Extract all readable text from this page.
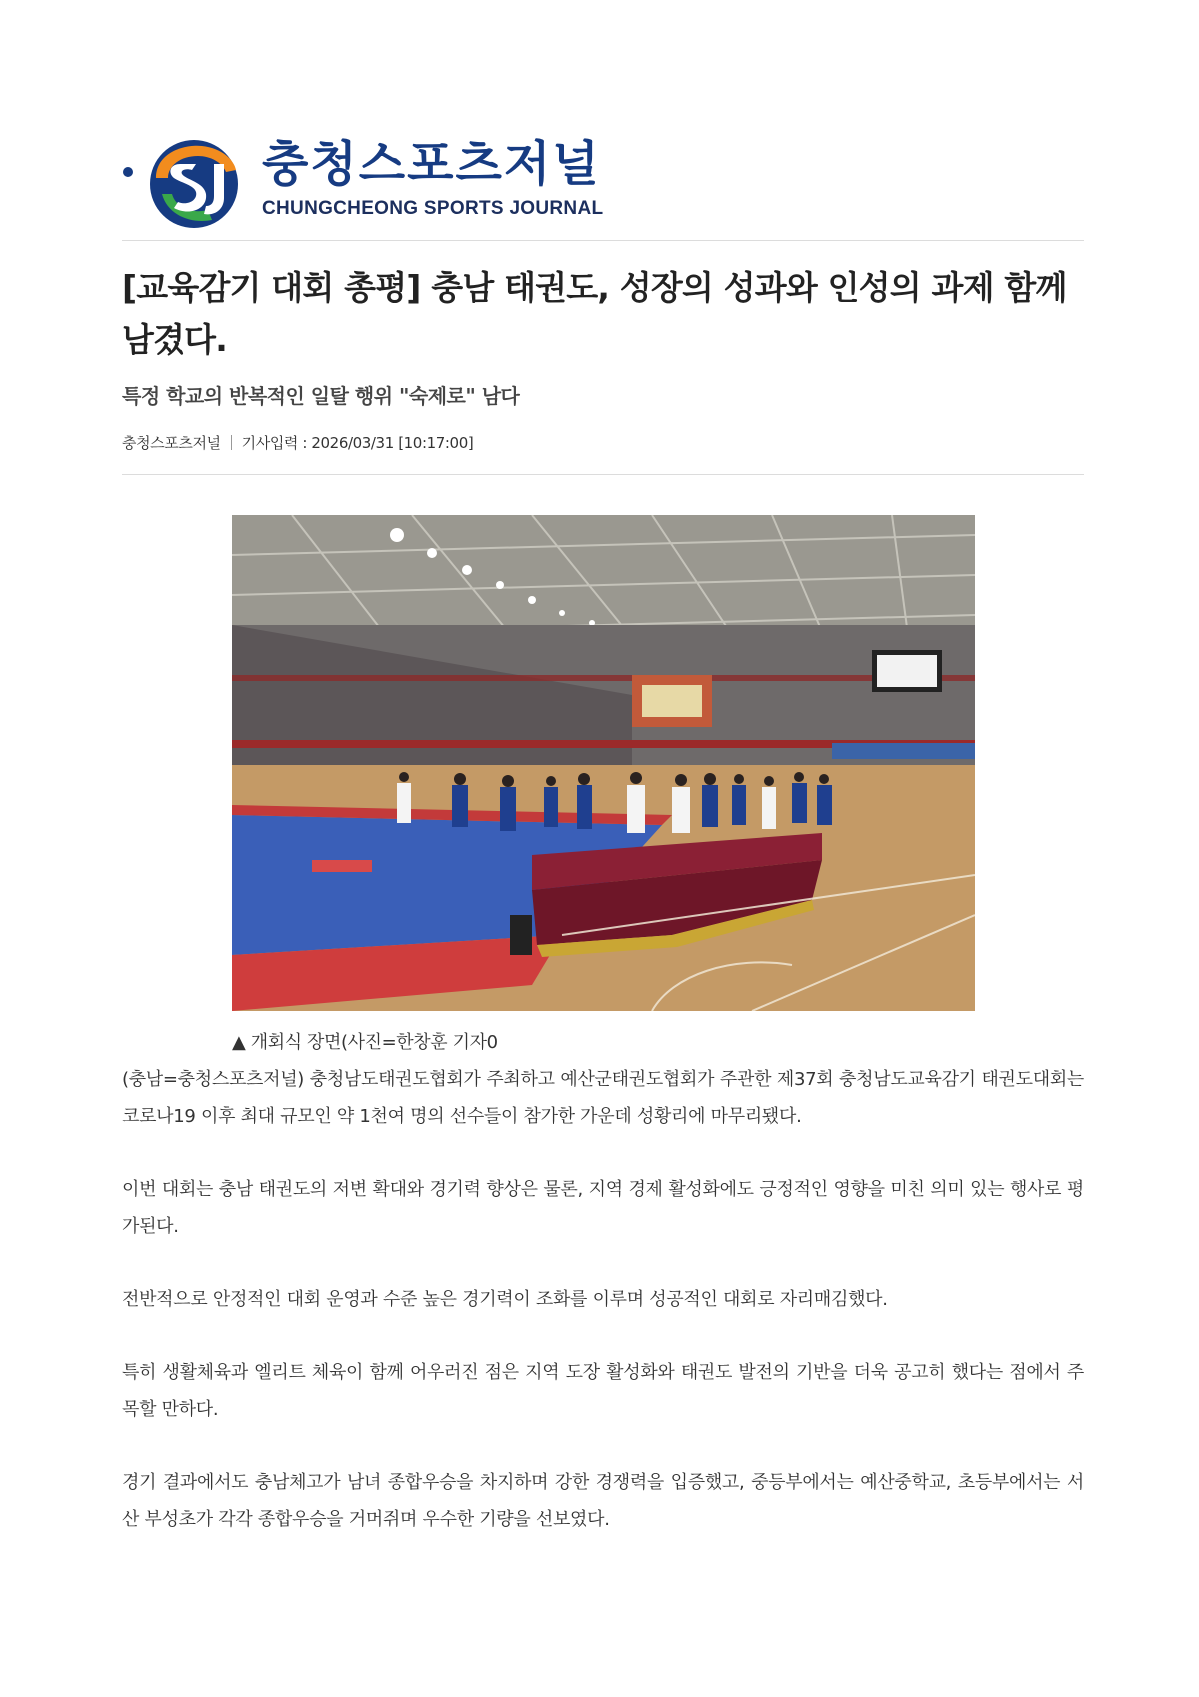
충청스포츠저널
CHUNGCHEONG SPORTS JOURNAL
[교육감기 대회 총평] 충남 태권도, 성장의 성과와 인성의 과제 함께 남겼다.
특정 학교의 반복적인 일탈 행위 "숙제로" 남다
충청스포츠저널 기사입력 : 2026/03/31 [10:17:00]
▲ 개회식 장면(사진=한창훈 기자0

(충남=충청스포츠저널) 충청남도태권도협회가 주최하고 예산군태권도협회가 주관한 제37회 충청남도교육감기 태권도대회는 코로나19 이후 최대 규모인 약 1천여 명의 선수들이 참가한 가운데 성황리에 마무리됐다.

이번 대회는 충남 태권도의 저변 확대와 경기력 향상은 물론, 지역 경제 활성화에도 긍정적인 영향을 미친 의미 있는 행사로 평가된다.

전반적으로 안정적인 대회 운영과 수준 높은 경기력이 조화를 이루며 성공적인 대회로 자리매김했다.

특히 생활체육과 엘리트 체육이 함께 어우러진 점은 지역 도장 활성화와 태권도 발전의 기반을 더욱 공고히 했다는 점에서 주목할 만하다.

경기 결과에서도 충남체고가 남녀 종합우승을 차지하며 강한 경쟁력을 입증했고, 중등부에서는 예산중학교, 초등부에서는 서산 부성초가 각각 종합우승을 거머쥐며 우수한 기량을 선보였다.
